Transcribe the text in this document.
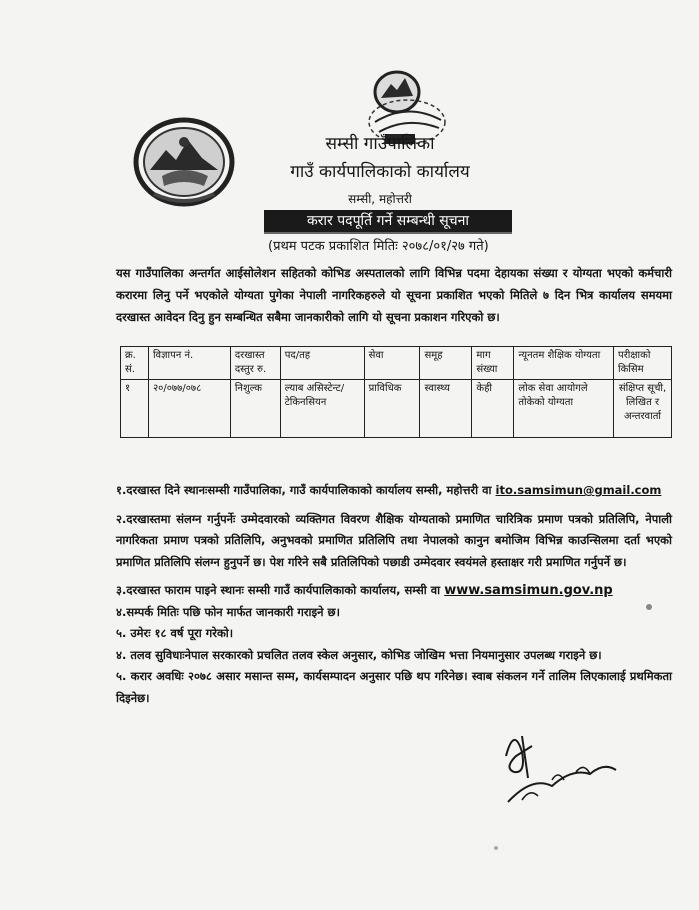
सम्सी गाउँपालिका

गाउँ कार्यपालिकाको कार्यालय

सम्सी, महोत्तरी

करार पदपूर्ति गर्ने सम्बन्धी सूचना
(प्रथम पटक प्रकाशित मितिः २०७८/०१/२७ गते)
यस गाउँपालिका अन्तर्गत आईसोलेशन सहितको कोभिड अस्पतालको लागि विभिन्न पदमा देहायका संख्या र योग्यता भएको कर्मचारी करारमा लिनु पर्ने भएकोले योग्यता पुगेका नेपाली नागरिकहरुले यो सूचना प्रकाशित भएको मितिले ७ दिन भित्र कार्यालय समयमा दरखास्त आवेदन दिनु हुन सम्बन्धित सबैमा जानकारीको लागि यो सूचना प्रकाशन गरिएको छ।
क्र. सं.	विज्ञापन नं.	दरखास्त दस्तुर रु.	पद/तह	सेवा	समूह	माग संख्या	न्यूनतम शैक्षिक योग्यता	परीक्षाको किसिम
१	२०/०७७/०७८	निशुल्क	ल्याब असिस्टेन्ट/ टेकिनसियन	प्राविधिक	स्वास्थ्य	केही	लोक सेवा आयोगले तोकेको योग्यता	संक्षिप्त सूची, लिखित र अन्तरवार्ता

१.दरखास्त दिने स्थानःसम्सी गाउँपालिका, गाउँ कार्यपालिकाको कार्यालय सम्सी, महोत्तरी वा ito.samsimun@gmail.com

२.दरखास्तमा संलग्न गर्नुपर्नेः उम्मेदवारको व्यक्तिगत विवरण शैक्षिक योग्यताको प्रमाणित चारित्रिक प्रमाण पत्रको प्रतिलिपि, नेपाली नागरिकता प्रमाण पत्रको प्रतिलिपि, अनुभवको प्रमाणित प्रतिलिपि तथा नेपालको कानुन बमोजिम विभिन्न काउन्सिलमा दर्ता भएको प्रमाणित प्रतिलिपि संलग्न हुनुपर्ने छ। पेश गरिने सबै प्रतिलिपिको पछाडी उम्मेदवार स्वयंमले हस्ताक्षर गरी प्रमाणित गर्नुपर्ने छ।

३.दरखास्त फाराम पाइने स्थानः सम्सी गाउँ कार्यपालिकाको कार्यालय, सम्सी वा www.samsimun.gov.np

४.सम्पर्क मितिः पछि फोन मार्फत जानकारी गराइने छ।

५. उमेरः १८ वर्ष पूरा गरेको।

४. तलव सुविधाःनेपाल सरकारको प्रचलित तलव स्केल अनुसार, कोभिड जोखिम भत्ता नियमानुसार उपलब्ध गराइने छ।

५. करार अवधिः २०७८ असार मसान्त सम्म, कार्यसम्पादन अनुसार पछि थप गरिनेछ। स्वाब संकलन गर्ने तालिम लिएकालाई प्रथमिकता दिइनेछ।
